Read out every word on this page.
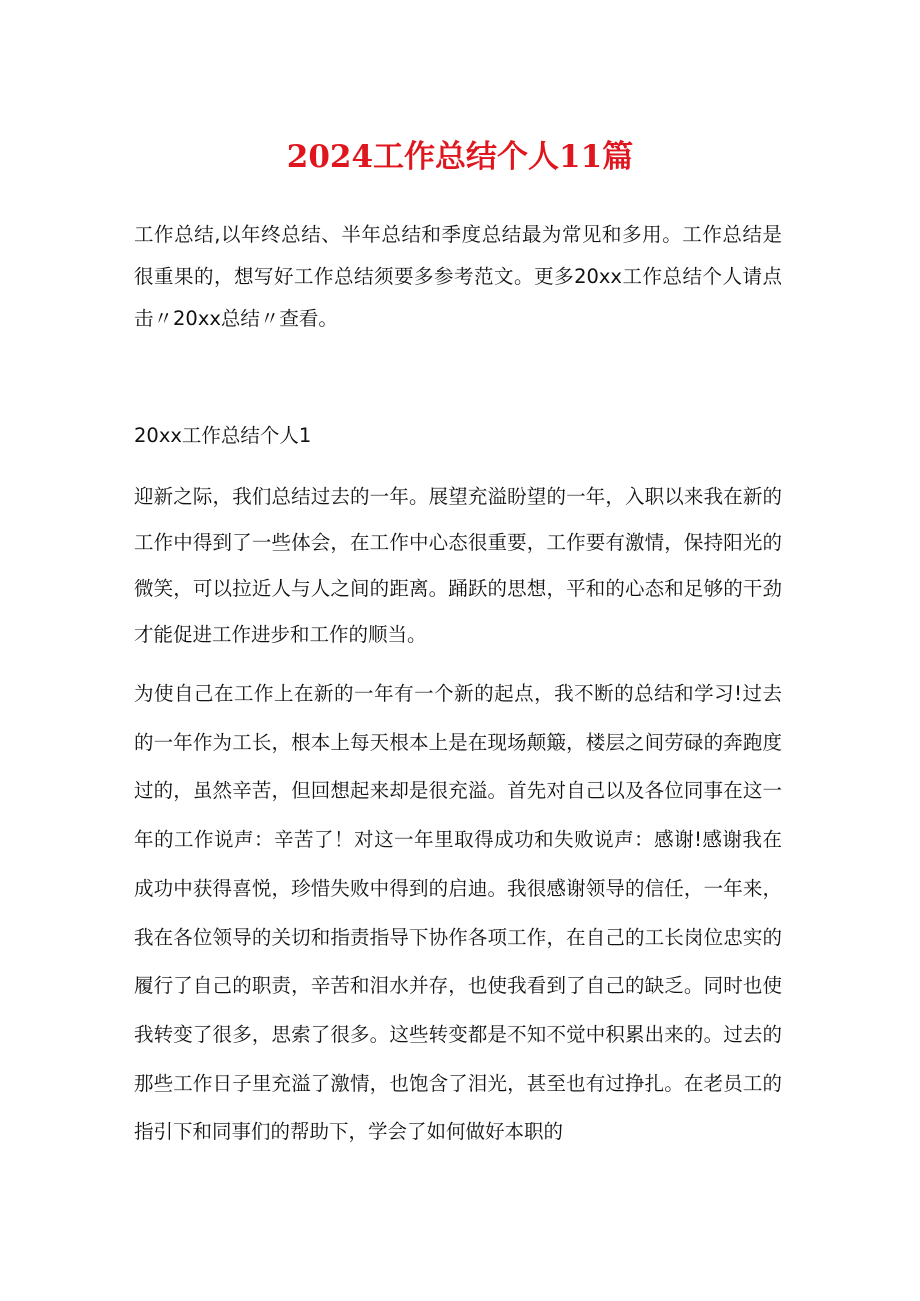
2024工作总结个人11篇

工作总结,以年终总结、半年总结和季度总结最为常见和多用。工作总结是很重果的，想写好工作总结须要多参考范文。更多20xx工作总结个人请点击〃20xx总结〃查看。

20xx工作总结个人1

迎新之际，我们总结过去的一年。展望充溢盼望的一年，入职以来我在新的工作中得到了一些体会，在工作中心态很重要，工作要有激情，保持阳光的微笑，可以拉近人与人之间的距离。踊跃的思想，平和的心态和足够的干劲才能促进工作进步和工作的顺当。

为使自己在工作上在新的一年有一个新的起点，我不断的总结和学习!过去的一年作为工长，根本上每天根本上是在现场颠簸，楼层之间劳碌的奔跑度过的，虽然辛苦，但回想起来却是很充溢。首先对自己以及各位同事在这一年的工作说声：辛苦了！对这一年里取得成功和失败说声：感谢!感谢我在成功中获得喜悦，珍惜失败中得到的启迪。我很感谢领导的信任，一年来，我在各位领导的关切和指责指导下协作各项工作，在自己的工长岗位忠实的履行了自己的职责，辛苦和泪水并存，也使我看到了自己的缺乏。同时也使我转变了很多，思索了很多。这些转变都是不知不觉中积累出来的。过去的那些工作日子里充溢了激情，也饱含了泪光，甚至也有过挣扎。在老员工的指引下和同事们的帮助下，学会了如何做好本职的
